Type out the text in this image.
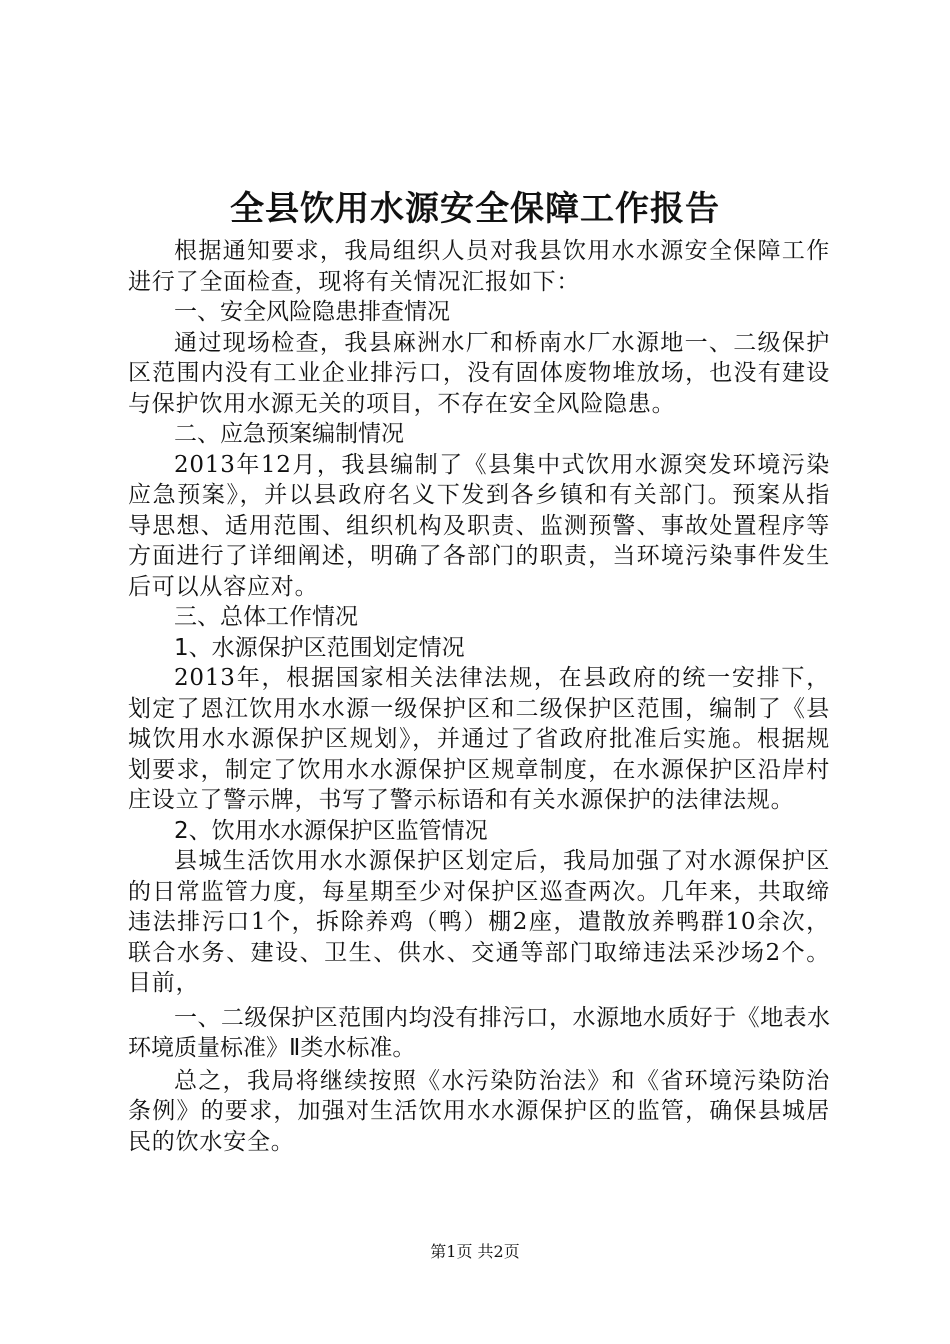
全县饮用水源安全保障工作报告

根据通知要求，我局组织人员对我县饮用水水源安全保障工作进行了全面检查，现将有关情况汇报如下：

一、安全风险隐患排查情况

通过现场检查，我县麻洲水厂和桥南水厂水源地一、二级保护区范围内没有工业企业排污口，没有固体废物堆放场，也没有建设与保护饮用水源无关的项目，不存在安全风险隐患。

二、应急预案编制情况

2013年12月，我县编制了《县集中式饮用水源突发环境污染应急预案》，并以县政府名义下发到各乡镇和有关部门。预案从指导思想、适用范围、组织机构及职责、监测预警、事故处置程序等方面进行了详细阐述，明确了各部门的职责，当环境污染事件发生后可以从容应对。

三、总体工作情况

1、水源保护区范围划定情况

2013年，根据国家相关法律法规，在县政府的统一安排下，划定了恩江饮用水水源一级保护区和二级保护区范围，编制了《县城饮用水水源保护区规划》，并通过了省政府批准后实施。根据规划要求，制定了饮用水水源保护区规章制度，在水源保护区沿岸村庄设立了警示牌，书写了警示标语和有关水源保护的法律法规。

2、饮用水水源保护区监管情况

县城生活饮用水水源保护区划定后，我局加强了对水源保护区的日常监管力度，每星期至少对保护区巡查两次。几年来，共取缔违法排污口1个，拆除养鸡（鸭）棚2座，遣散放养鸭群10余次，联合水务、建设、卫生、供水、交通等部门取缔违法采沙场2个。目前，

一、二级保护区范围内均没有排污口，水源地水质好于《地表水环境质量标准》Ⅱ类水标准。

总之，我局将继续按照《水污染防治法》和《省环境污染防治条例》的要求，加强对生活饮用水水源保护区的监管，确保县城居民的饮水安全。

第1页 共2页
